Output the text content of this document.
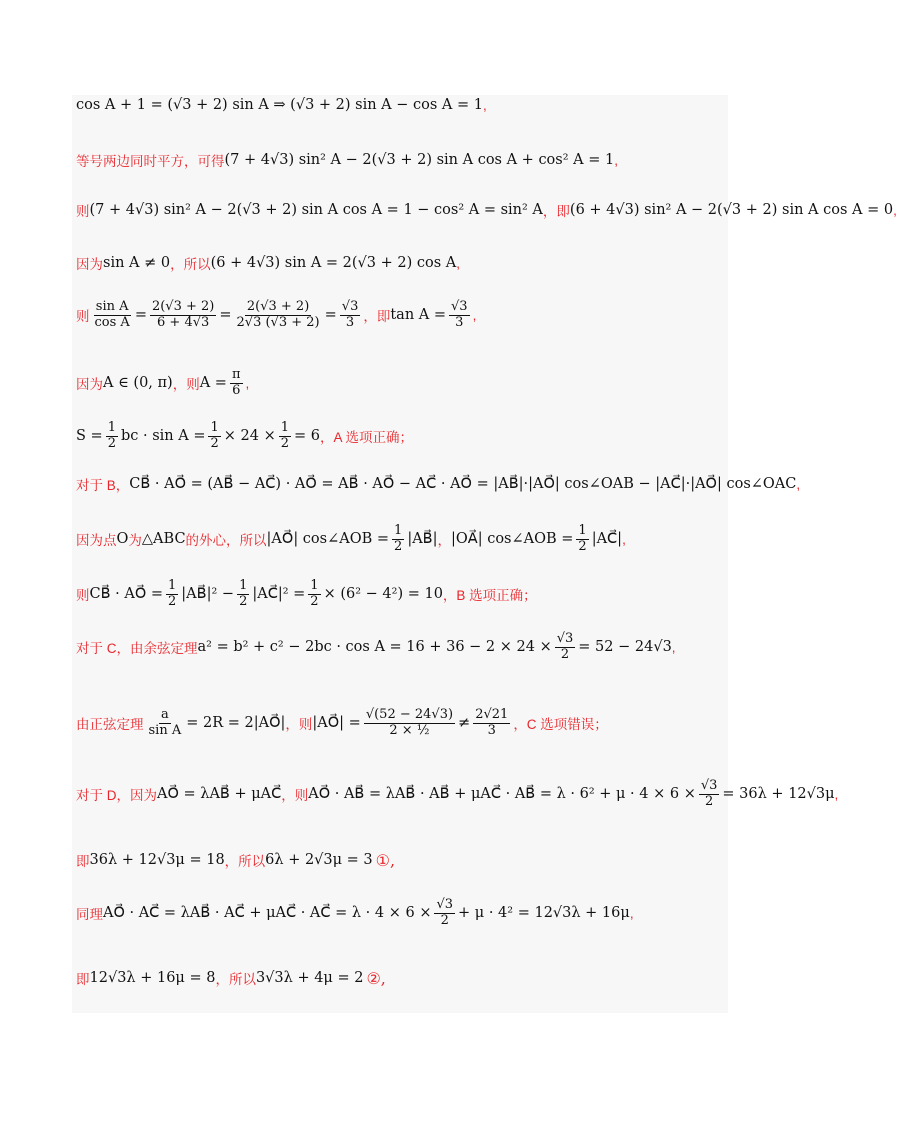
cos A + 1 = (√3 + 2) sin A ⇒ (√3 + 2) sin A − cos A = 1 ,
等号两边同时平方，可得 (7 + 4√3) sin² A − 2(√3 + 2) sin A cos A + cos² A = 1 ,
则 (7 + 4√3) sin² A − 2(√3 + 2) sin A cos A = 1 − cos² A = sin² A ，即 (6 + 4√3) sin² A − 2(√3 + 2) sin A cos A = 0 ,
因为 sin A ≠ 0 ，所以 (6 + 4√3) sin A = 2(√3 + 2) cos A ,
则 $\frac{\text{sin A}}{\text{cos A}} = \frac{2(√3 + 2)}{6 + 4√3} = \frac{2(√3 + 2)}{2√3 (√3 + 2)} = \frac{√3}{3}$ ，即 $\tan A = \frac{√3}{3}$ ,
因为 A ∈ (0, π) ，则 $A = \frac{\pi}{6}$ ,
$S = \frac{1}{2}$ bc · $\sin A = \frac{1}{2} \times 24 \times \frac{1}{2} = 6$ ，A 选项正确；
对于 B， CB⃗ · AO⃗ = (AB⃗ − AC⃗) · AO⃗ = AB⃗ · AO⃗ − AC⃗ · AO⃗ = |AB⃗|·|AO⃗| cos∠OAB − |AC⃗|·|AO⃗| cos∠OAC ,
因为点 O 为 △ABC 的外心，所以 |AO⃗| cos∠AOB = $\frac{1}{2}$ |AB⃗| ， |OA⃗| cos∠AOB = $\frac{1}{2}$ |AC⃗| ,
则 CB⃗ · AO⃗ = $\frac{1}{2}$ |AB⃗|² − $\frac{1}{2}$ |AC⃗|² = $\frac{1}{2} \times (6^2 - 4^2) = 10$ ，B 选项正确；
对于 C，由余弦定理 $a^2 = b^2 + c^2 - 2bc \cdot \cos A = 16 + 36 - 2 \times 24 \times \frac{√3}{2} = 52 - 24√3$ ,
由正弦定理 $\frac{a}{\text{sin A}} = 2R$ = 2|AO⃗| ，则 |AO⃗| = $\frac{√(52 - 24√3)}{\text{2 × ½}} \ne \frac{2√21}{3}$ ，C 选项错误；
对于 D，因为 AO⃗ = λAB⃗ + μAC⃗ ，则 AO⃗ · AB⃗ = λAB⃗ · AB⃗ + μAC⃗ · AB⃗ = $\lambda \cdot 6^2 + \mu \cdot 4 \times 6 \times \frac{√3}{2} = 36\lambda + 12√3\mu$ ,
即 36λ + 12√3μ = 18 ，所以 6λ + 2√3μ = 3 ①,
同理 AO⃗ · AC⃗ = λAB⃗ · AC⃗ + μAC⃗ · AC⃗ = $\lambda \cdot 4 \times 6 \times \frac{√3}{2} + \mu \cdot 4^2 = 12√3\lambda + 16\mu$ ,
即 12√3λ + 16μ = 8 ，所以 3√3λ + 4μ = 2 ②,
